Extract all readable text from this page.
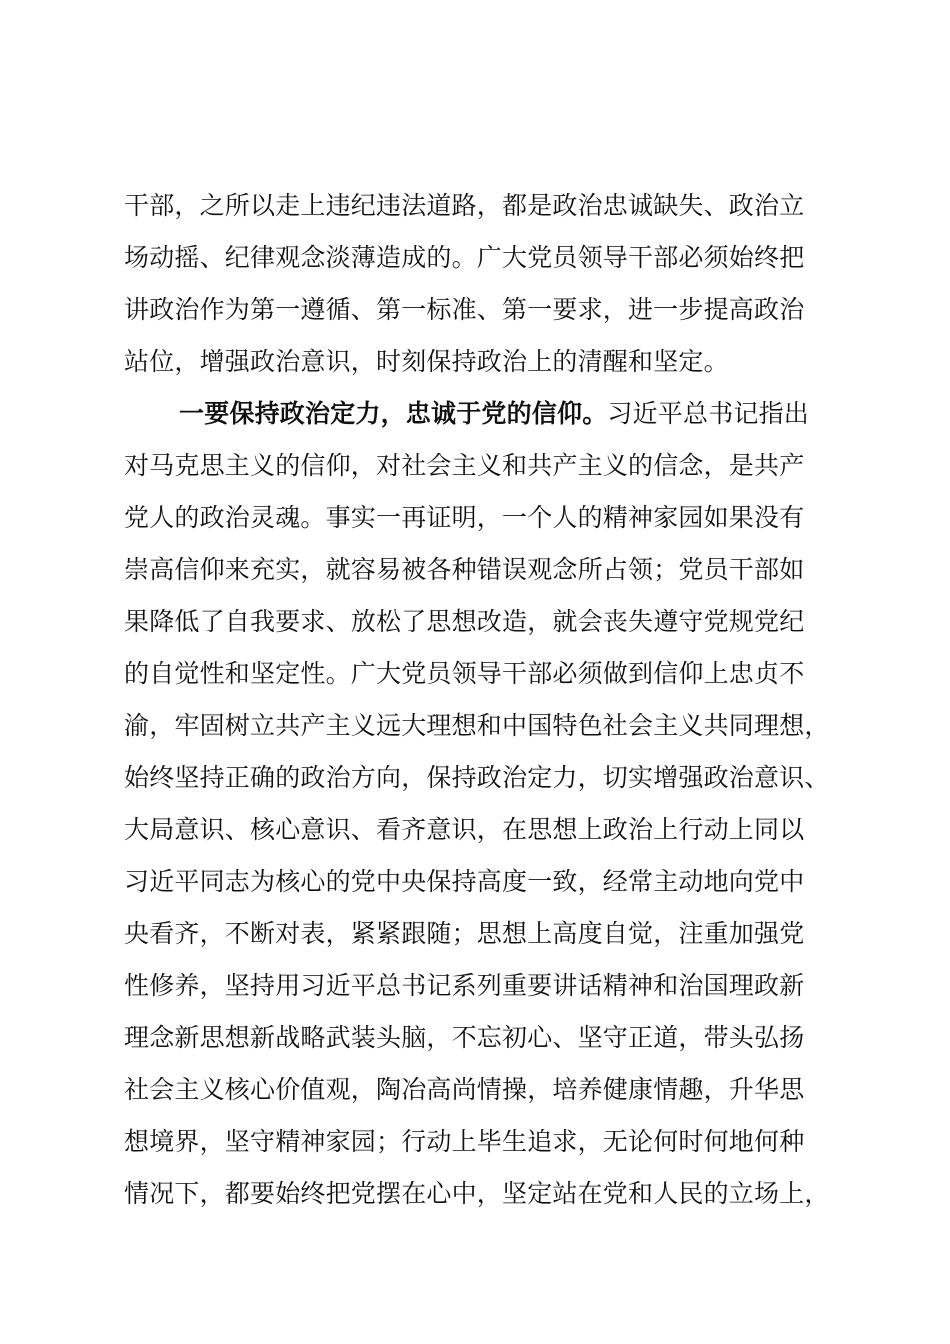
干部，之所以走上违纪违法道路，都是政治忠诚缺失、政治立
场动摇、纪律观念淡薄造成的。广大党员领导干部必须始终把
讲政治作为第一遵循、第一标准、第一要求，进一步提高政治
站位，增强政治意识，时刻保持政治上的清醒和坚定。
一要保持政治定力，忠诚于党的信仰。习近平总书记指出
对马克思主义的信仰，对社会主义和共产主义的信念，是共产
党人的政治灵魂。事实一再证明，一个人的精神家园如果没有
崇高信仰来充实，就容易被各种错误观念所占领；党员干部如
果降低了自我要求、放松了思想改造，就会丧失遵守党规党纪
的自觉性和坚定性。广大党员领导干部必须做到信仰上忠贞不
渝，牢固树立共产主义远大理想和中国特色社会主义共同理想，
始终坚持正确的政治方向，保持政治定力，切实增强政治意识、
大局意识、核心意识、看齐意识，在思想上政治上行动上同以
习近平同志为核心的党中央保持高度一致，经常主动地向党中
央看齐，不断对表，紧紧跟随；思想上高度自觉，注重加强党
性修养，坚持用习近平总书记系列重要讲话精神和治国理政新
理念新思想新战略武装头脑，不忘初心、坚守正道，带头弘扬
社会主义核心价值观，陶冶高尚情操，培养健康情趣，升华思
想境界，坚守精神家园；行动上毕生追求，无论何时何地何种
情况下，都要始终把党摆在心中，坚定站在党和人民的立场上，
